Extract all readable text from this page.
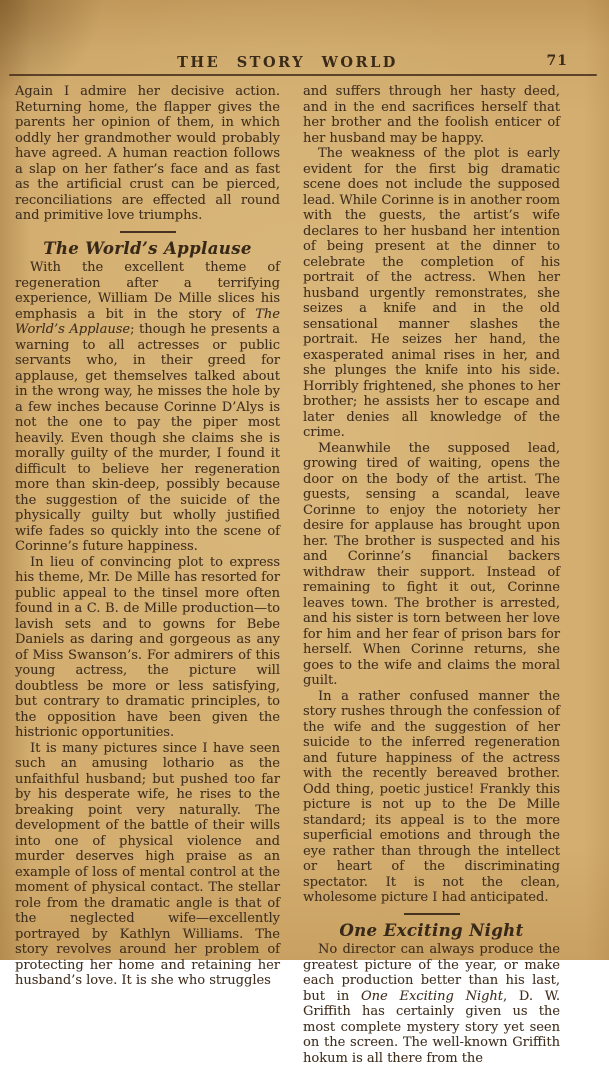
THE STORY WORLD	71

Again I admire her decisive action. Returning home, the flapper gives the parents her opinion of them, in which oddly her grandmother would probably have agreed. A human reaction follows a slap on her father’s face and as fast as the artificial crust can be pierced, reconciliations are effected all round and primitive love triumphs.

The World’s Applause

With the excellent theme of regeneration after a terrifying experience, William De Mille slices his emphasis a bit in the story of The World’s Applause; though he presents a warning to all actresses or public servants who, in their greed for applause, get themselves talked about in the wrong way, he misses the hole by a few inches because Corinne D’Alys is not the one to pay the piper most heavily. Even though she claims she is morally guilty of the murder, I found it difficult to believe her regeneration more than skin-deep, possibly because the suggestion of the suicide of the physically guilty but wholly justified wife fades so quickly into the scene of Corinne’s future happiness.

In lieu of convincing plot to express his theme, Mr. De Mille has resorted for public appeal to the tinsel more often found in a C. B. de Mille production—to lavish sets and to gowns for Bebe Daniels as daring and gorgeous as any of Miss Swanson’s. For admirers of this young actress, the picture will doubtless be more or less satisfying, but contrary to dramatic principles, to the opposition have been given the histrionic opportunities.

It is many pictures since I have seen such an amusing lothario as the unfaithful husband; but pushed too far by his desperate wife, he rises to the breaking point very naturally. The development of the battle of their wills into one of physical violence and murder deserves high praise as an example of loss of mental control at the moment of physical contact. The stellar role from the dramatic angle is that of the neglected wife—excellently portrayed by Kathlyn Williams. The story revolves around her problem of protecting her home and retaining her husband’s love. It is she who struggles

and suffers through her hasty deed, and in the end sacrifices herself that her brother and the foolish enticer of her husband may be happy.

The weakness of the plot is early evident for the first big dramatic scene does not include the supposed lead. While Corinne is in another room with the guests, the artist’s wife declares to her husband her intention of being present at the dinner to celebrate the completion of his portrait of the actress. When her husband urgently remonstrates, she seizes a knife and in the old sensational manner slashes the portrait. He seizes her hand, the exasperated animal rises in her, and she plunges the knife into his side. Horribly frightened, she phones to her brother; he assists her to escape and later denies all knowledge of the crime.

Meanwhile the supposed lead, growing tired of waiting, opens the door on the body of the artist. The guests, sensing a scandal, leave Corinne to enjoy the notoriety her desire for applause has brought upon her. The brother is suspected and his and Corinne’s financial backers withdraw their support. Instead of remaining to fight it out, Corinne leaves town. The brother is arrested, and his sister is torn between her love for him and her fear of prison bars for herself. When Corinne returns, she goes to the wife and claims the moral guilt.

In a rather confused manner the story rushes through the confession of the wife and the suggestion of her suicide to the inferred regeneration and future happiness of the actress with the recently bereaved brother. Odd thing, poetic justice! Frankly this picture is not up to the De Mille standard; its appeal is to the more superficial emotions and through the eye rather than through the intellect or heart of the discriminating spectator. It is not the clean, wholesome picture I had anticipated.

One Exciting Night

No director can always produce the greatest picture of the year, or make each production better than his last, but in One Exciting Night, D. W. Griffith has certainly given us the most complete mystery story yet seen on the screen. The well-known Griffith hokum is all there from the
